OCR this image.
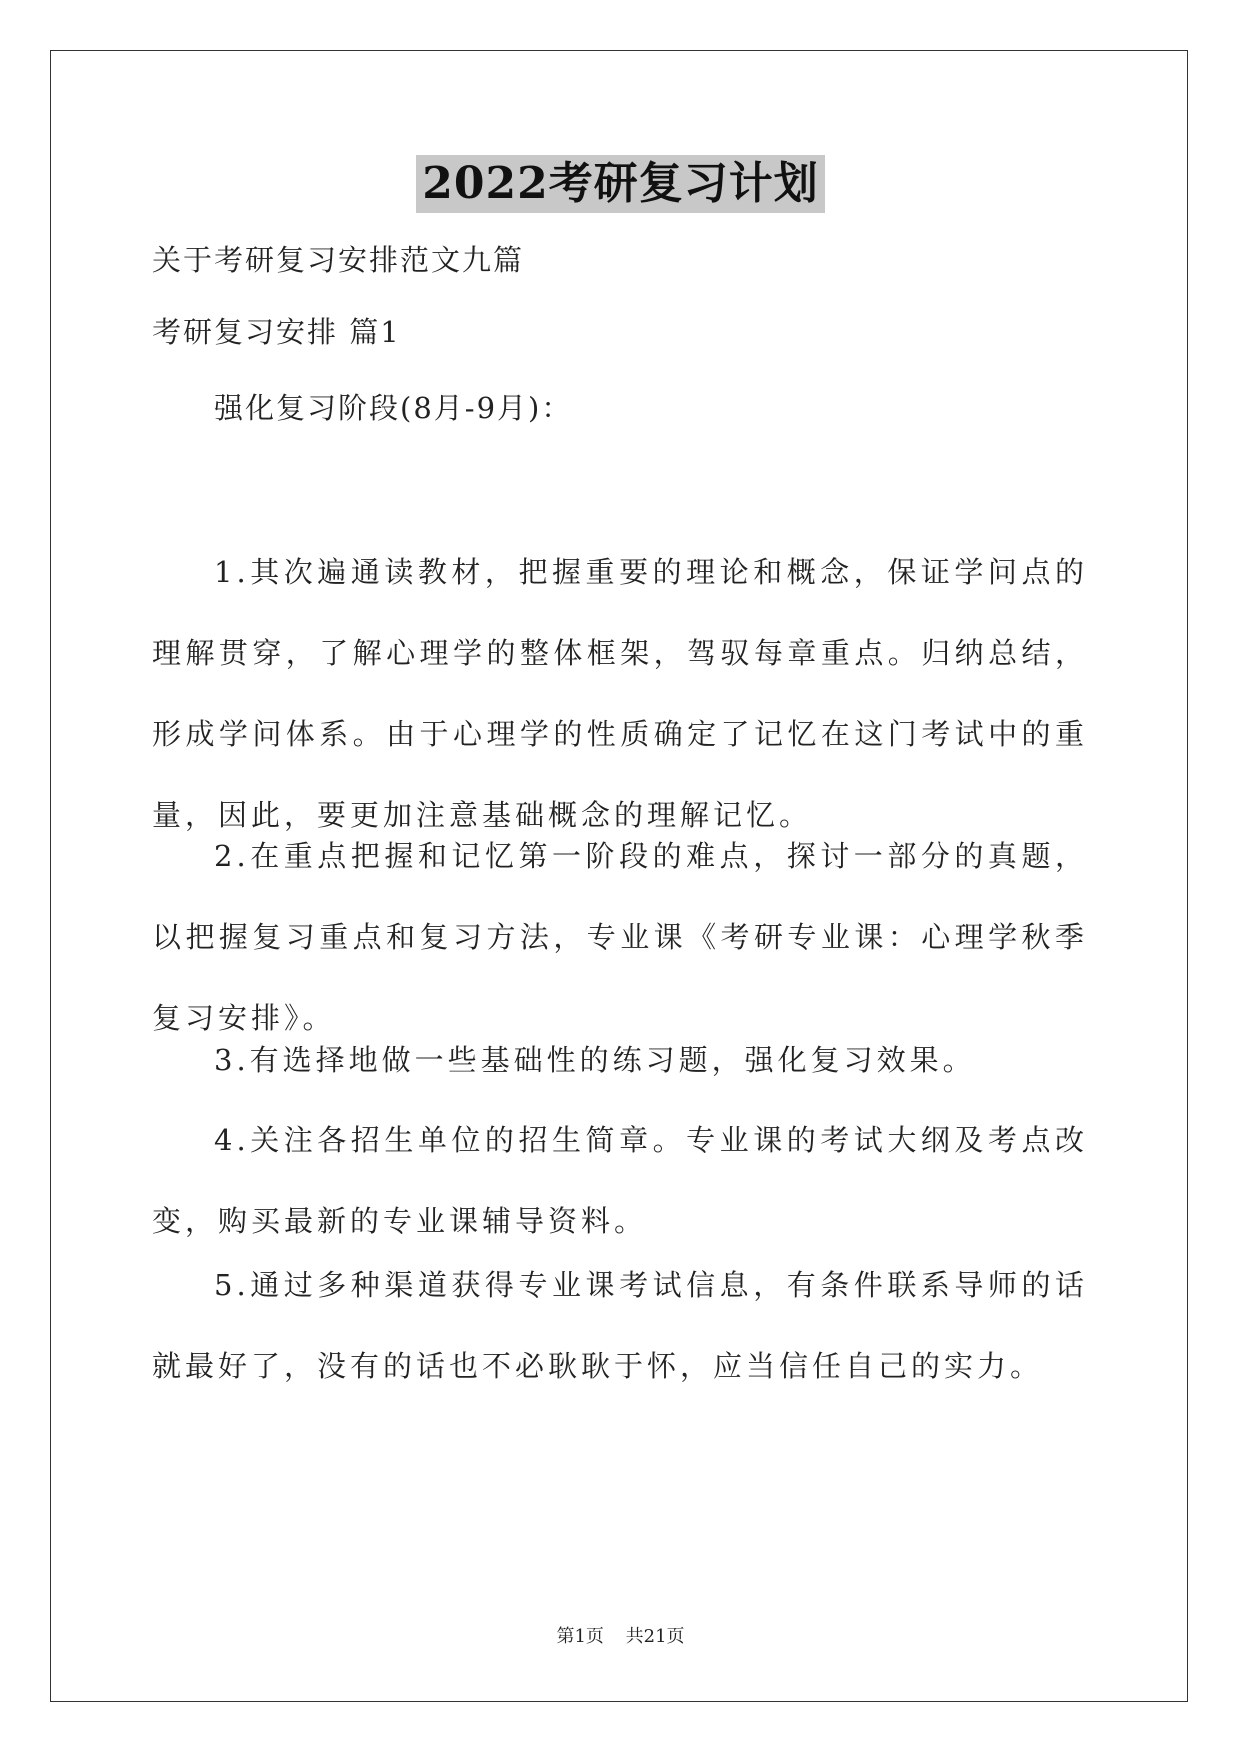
2022考研复习计划
关于考研复习安排范文九篇
考研复习安排 篇1
强化复习阶段(8月-9月)：
1.其次遍通读教材，把握重要的理论和概念，保证学问点的理解贯穿，了解心理学的整体框架，驾驭每章重点。归纳总结，形成学问体系。由于心理学的性质确定了记忆在这门考试中的重量，因此，要更加注意基础概念的理解记忆。
2.在重点把握和记忆第一阶段的难点，探讨一部分的真题，以把握复习重点和复习方法，专业课《考研专业课：心理学秋季复习安排》。
3.有选择地做一些基础性的练习题，强化复习效果。
4.关注各招生单位的招生简章。专业课的考试大纲及考点改变，购买最新的专业课辅导资料。
5.通过多种渠道获得专业课考试信息，有条件联系导师的话就最好了，没有的话也不必耿耿于怀，应当信任自己的实力。
第1页 共21页
